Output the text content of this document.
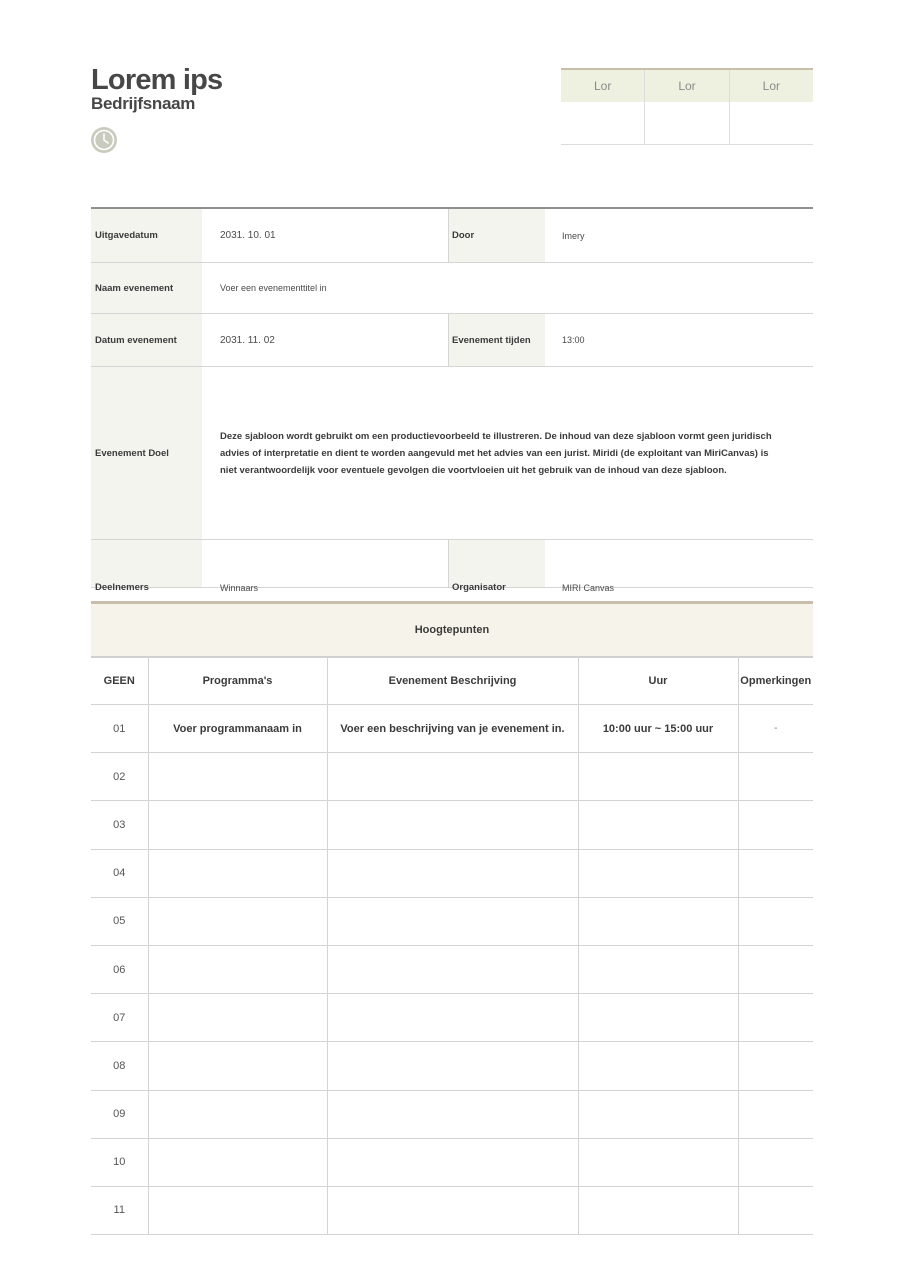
Lorem ips
Bedrijfsnaam
Lor	Lor	Lor
Uitgavedatum	2031. 10. 01	Door	Imery
Naam evenement	Voer een evenementtitel in
Datum evenement	2031. 11. 02	Evenement tijden	13:00
Evenement Doel
Deze sjabloon wordt gebruikt om een productievoorbeeld te illustreren. De inhoud van deze sjabloon vormt geen juridisch advies of interpretatie en dient te worden aangevuld met het advies van een jurist. Miridi (de exploitant van MiriCanvas) is niet verantwoordelijk voor eventuele gevolgen die voortvloeien uit het gebruik van de inhoud van deze sjabloon.
Deelnemers	Winnaars	Organisator	MIRI Canvas
Hoogtepunten
GEEN	Programma's	Evenement Beschrijving	Uur	Opmerkingen
01	Voer programmanaam in	Voer een beschrijving van je evenement in.	10:00 uur ~ 15:00 uur	-
02				
03				
04				
05				
06				
07				
08				
09				
10				
11				
